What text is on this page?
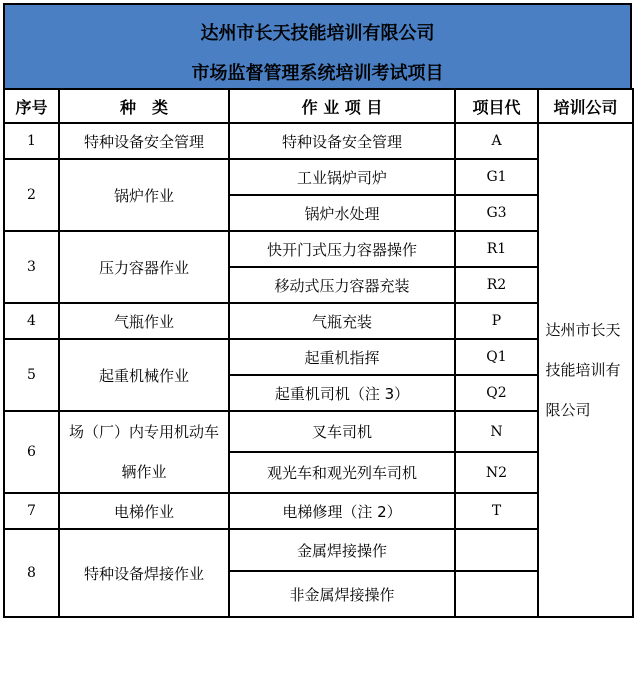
达州市长天技能培训有限公司
市场监督管理系统培训考试项目
序号	种　类	作 业 项 目	项目代	培训公司
1	特种设备安全管理	特种设备安全管理	A	达州市长天技能培训有限公司
2	锅炉作业	工业锅炉司炉	G1	
		锅炉水处理	G3	
3	压力容器作业	快开门式压力容器操作	R1	
		移动式压力容器充装	R2	
4	气瓶作业	气瓶充装	P	
5	起重机械作业	起重机指挥	Q1	
		起重机司机（注 3）	Q2	
6	场（厂）内专用机动车辆作业	叉车司机	N	
		观光车和观光列车司机	N2	
7	电梯作业	电梯修理（注 2）	T	
8	特种设备焊接作业	金属焊接操作		
		非金属焊接操作		
